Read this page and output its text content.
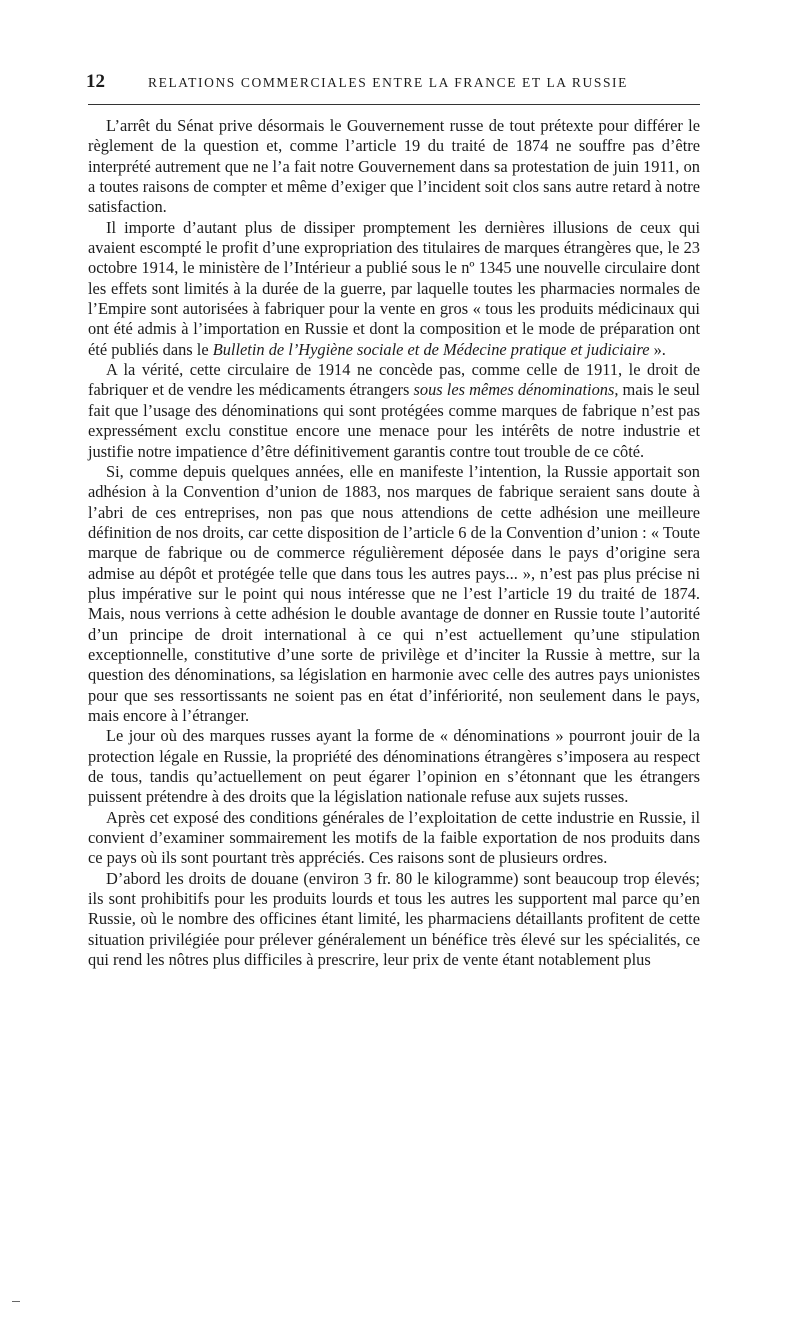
12	RELATIONS COMMERCIALES ENTRE LA FRANCE ET LA RUSSIE

L’arrêt du Sénat prive désormais le Gouvernement russe de tout prétexte pour différer le règlement de la question et, comme l’article 19 du traité de 1874 ne souffre pas d’être interprété autrement que ne l’a fait notre Gouvernement dans sa protestation de juin 1911, on a toutes raisons de compter et même d’exiger que l’incident soit clos sans autre retard à notre satisfaction.

Il importe d’autant plus de dissiper promptement les dernières illusions de ceux qui avaient escompté le profit d’une expropriation des titulaires de marques étrangères que, le 23 octobre 1914, le ministère de l’Intérieur a publié sous le nº 1345 une nouvelle circulaire dont les effets sont limités à la durée de la guerre, par laquelle toutes les pharmacies normales de l’Empire sont autorisées à fabriquer pour la vente en gros « tous les produits médicinaux qui ont été admis à l’importation en Russie et dont la composition et le mode de préparation ont été publiés dans le Bulletin de l’Hygiène sociale et de Médecine pratique et judiciaire ».

A la vérité, cette circulaire de 1914 ne concède pas, comme celle de 1911, le droit de fabriquer et de vendre les médicaments étrangers sous les mêmes dénominations, mais le seul fait que l’usage des dénominations qui sont protégées comme marques de fabrique n’est pas expressément exclu constitue encore une menace pour les intérêts de notre industrie et justifie notre impatience d’être définitivement garantis contre tout trouble de ce côté.

Si, comme depuis quelques années, elle en manifeste l’intention, la Russie apportait son adhésion à la Convention d’union de 1883, nos marques de fabrique seraient sans doute à l’abri de ces entreprises, non pas que nous attendions de cette adhésion une meilleure définition de nos droits, car cette disposition de l’article 6 de la Convention d’union : « Toute marque de fabrique ou de commerce régulièrement déposée dans le pays d’origine sera admise au dépôt et protégée telle que dans tous les autres pays... », n’est pas plus précise ni plus impérative sur le point qui nous intéresse que ne l’est l’article 19 du traité de 1874. Mais, nous verrions à cette adhésion le double avantage de donner en Russie toute l’autorité d’un principe de droit international à ce qui n’est actuellement qu’une stipulation exceptionnelle, constitutive d’une sorte de privilège et d’inciter la Russie à mettre, sur la question des dénominations, sa législation en harmonie avec celle des autres pays unionistes pour que ses ressortissants ne soient pas en état d’infériorité, non seulement dans le pays, mais encore à l’étranger.

Le jour où des marques russes ayant la forme de « dénominations » pourront jouir de la protection légale en Russie, la propriété des dénominations étrangères s’imposera au respect de tous, tandis qu’actuellement on peut égarer l’opinion en s’étonnant que les étrangers puissent prétendre à des droits que la législation nationale refuse aux sujets russes.

Après cet exposé des conditions générales de l’exploitation de cette industrie en Russie, il convient d’examiner sommairement les motifs de la faible exportation de nos produits dans ce pays où ils sont pourtant très appréciés. Ces raisons sont de plusieurs ordres.

D’abord les droits de douane (environ 3 fr. 80 le kilogramme) sont beaucoup trop élevés; ils sont prohibitifs pour les produits lourds et tous les autres les supportent mal parce qu’en Russie, où le nombre des officines étant limité, les pharmaciens détaillants profitent de cette situation privilégiée pour prélever généralement un bénéfice très élevé sur les spécialités, ce qui rend les nôtres plus difficiles à prescrire, leur prix de vente étant notablement plus
